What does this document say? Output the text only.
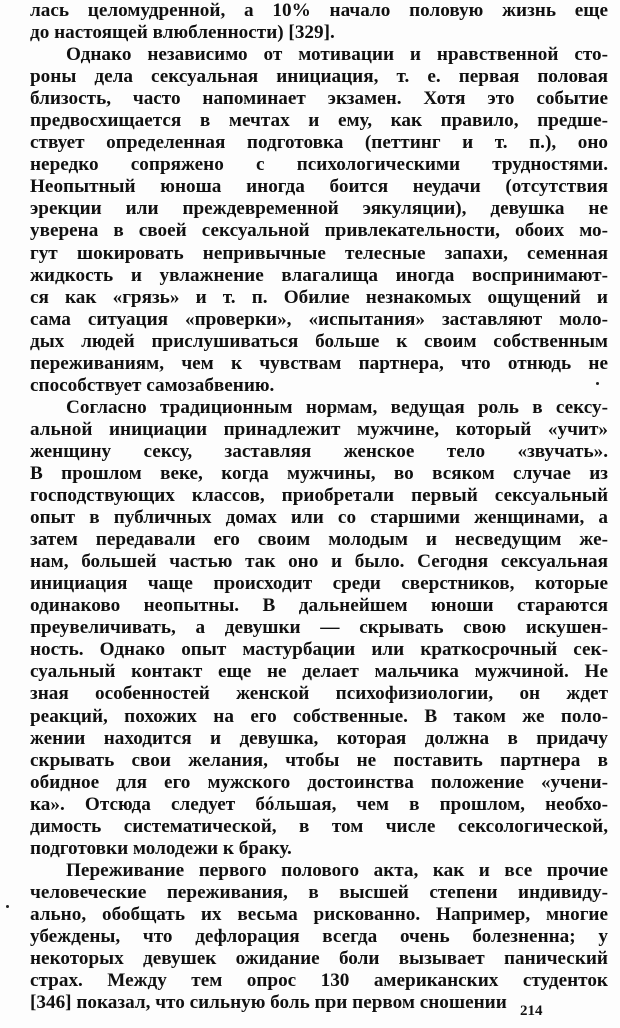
лась целомудренной, а 10% начало половую жизнь еще
до настоящей влюбленности) [329].
Однако независимо от мотивации и нравственной сто-
роны дела сексуальная инициация, т. е. первая половая
близость, часто напоминает экзамен. Хотя это событие
предвосхищается в мечтах и ему, как правило, предше-
ствует определенная подготовка (петтинг и т. п.), оно
нередко сопряжено с психологическими трудностями.
Неопытный юноша иногда боится неудачи (отсутствия
эрекции или преждевременной эякуляции), девушка не
уверена в своей сексуальной привлекательности, обоих мо-
гут шокировать непривычные телесные запахи, семенная
жидкость и увлажнение влагалища иногда воспринимают-
ся как «грязь» и т. п. Обилие незнакомых ощущений и
сама ситуация «проверки», «испытания» заставляют моло-
дых людей прислушиваться больше к своим собственным
переживаниям, чем к чувствам партнера, что отнюдь не
способствует самозабвению.
Согласно традиционным нормам, ведущая роль в сексу-
альной инициации принадлежит мужчине, который «учит»
женщину сексу, заставляя женское тело «звучать».
В прошлом веке, когда мужчины, во всяком случае из
господствующих классов, приобретали первый сексуальный
опыт в публичных домах или со старшими женщинами, а
затем передавали его своим молодым и несведущим же-
нам, большей частью так оно и было. Сегодня сексуальная
инициация чаще происходит среди сверстников, которые
одинаково неопытны. В дальнейшем юноши стараются
преувеличивать, а девушки — скрывать свою искушен-
ность. Однако опыт мастурбации или краткосрочный сек-
суальный контакт еще не делает мальчика мужчиной. Не
зная особенностей женской психофизиологии, он ждет
реакций, похожих на его собственные. В таком же поло-
жении находится и девушка, которая должна в придачу
скрывать свои желания, чтобы не поставить партнера в
обидное для его мужского достоинства положение «учени-
ка». Отсюда следует бóльшая, чем в прошлом, необхо-
димость систематической, в том числе сексологической,
подготовки молодежи к браку.
Переживание первого полового акта, как и все прочие
человеческие переживания, в высшей степени индивиду-
ально, обобщать их весьма рискованно. Например, многие
убеждены, что дефлорация всегда очень болезненна; у
некоторых девушек ожидание боли вызывает панический
страх. Между тем опрос 130 американских студенток
[346] показал, что сильную боль при первом сношении 214
